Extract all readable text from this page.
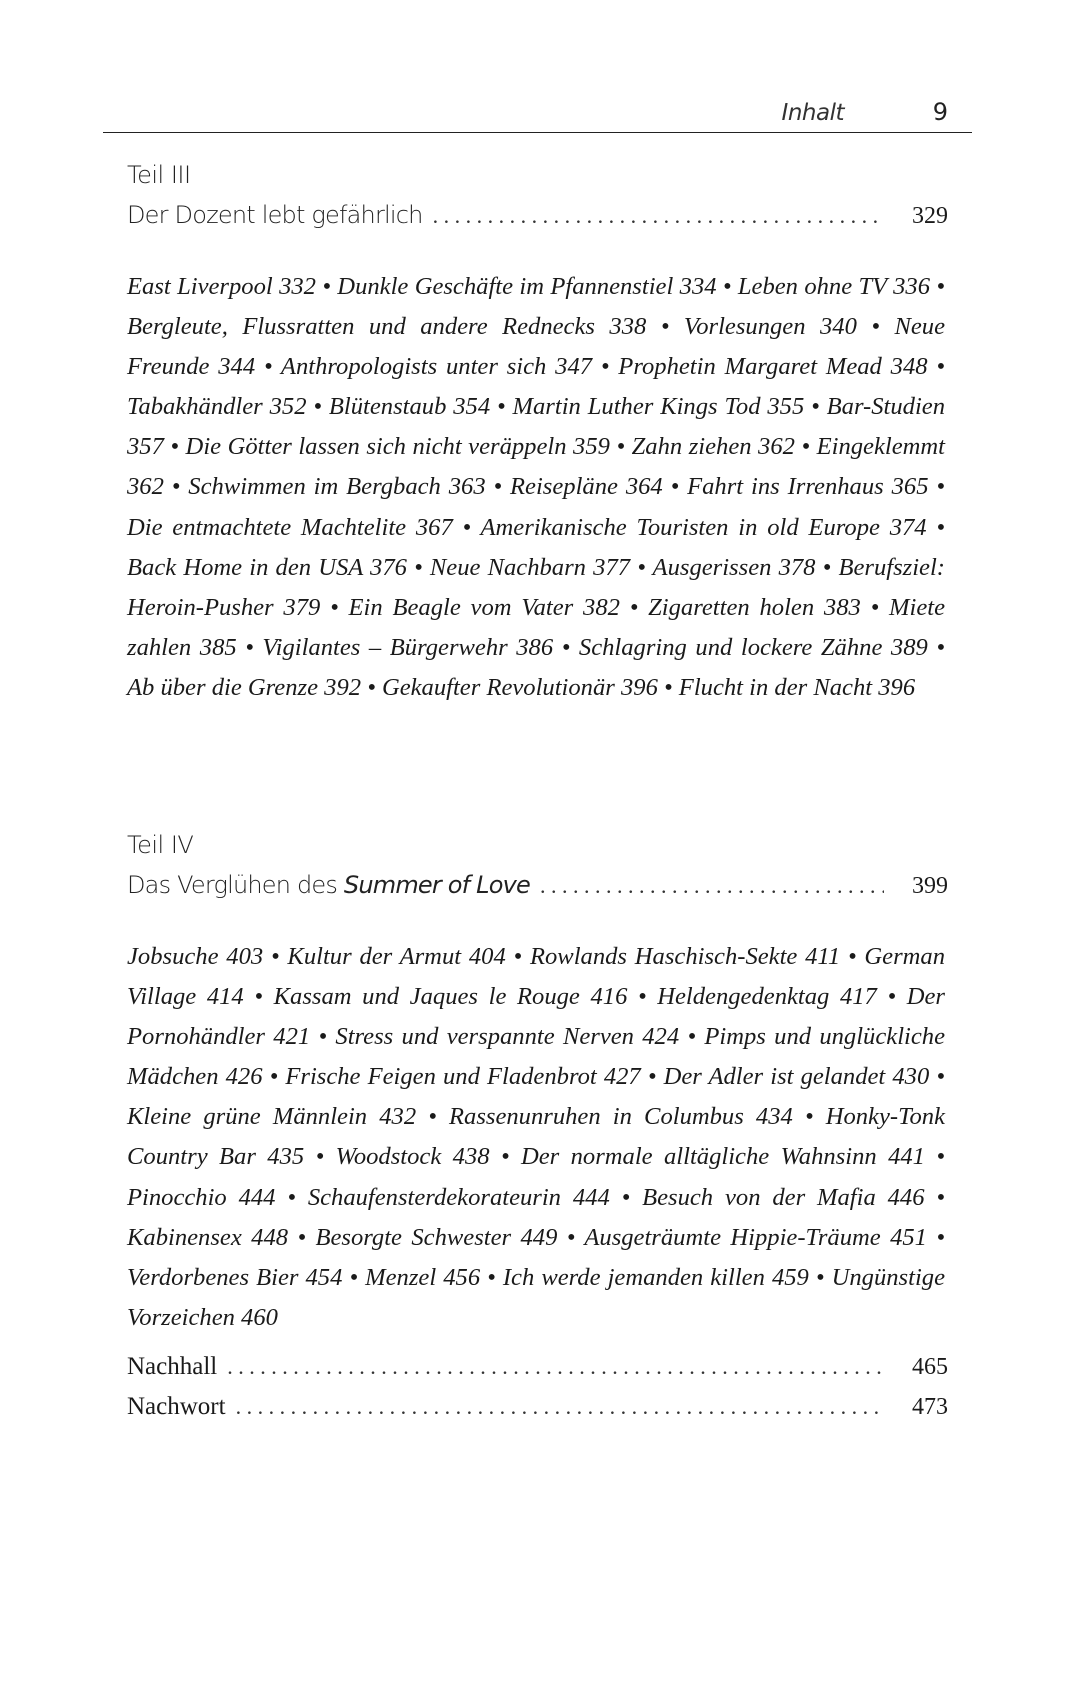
Inhalt	9
Teil III
Der Dozent lebt gefährlich . . .	329
East Liverpool 332 • Dunkle Geschäfte im Pfannenstiel 334 • Leben ohne TV 336 • Bergleute, Flussratten und andere Rednecks 338 • Vorlesungen 340 • Neue Freunde 344 • Anthropologists unter sich 347 • Prophetin Margaret Mead 348 • Tabakhändler 352 • Blütenstaub 354 • Martin Luther Kings Tod 355 • Bar-Studien 357 • Die Götter lassen sich nicht veräppeln 359 • Zahn ziehen 362 • Eingeklemmt 362 • Schwimmen im Bergbach 363 • Reisepläne 364 • Fahrt ins Irrenhaus 365 • Die entmachtete Machtelite 367 • Amerikanische Touristen in old Europe 374 • Back Home in den USA 376 • Neue Nachbarn 377 • Ausgerissen 378 • Berufsziel: Heroin-Pusher 379 • Ein Beagle vom Vater 382 • Zigaretten holen 383 • Miete zahlen 385 • Vigilantes – Bürgerwehr 386 • Schlagring und lockere Zähne 389 • Ab über die Grenze 392 • Gekaufter Revolutionär 396 • Flucht in der Nacht 396
Teil IV
Das Verglühen des Summer of Love . . .	399
Jobsuche 403 • Kultur der Armut 404 • Rowlands Haschisch-Sekte 411 • German Village 414 • Kassam und Jaques le Rouge 416 • Heldengedenktag 417 • Der Pornohändler 421 • Stress und verspannte Nerven 424 • Pimps und unglückliche Mädchen 426 • Frische Feigen und Fladenbrot 427 • Der Adler ist gelandet 430 • Kleine grüne Männlein 432 • Rassenunruhen in Columbus 434 • Honky-Tonk Country Bar 435 • Woodstock 438 • Der normale alltägliche Wahnsinn 441 • Pinocchio 444 • Schaufensterdekorateurin 444 • Besuch von der Mafia 446 • Kabinensex 448 • Besorgte Schwester 449 • Ausgeträumte Hippie-Träume 451 • Verdorbenes Bier 454 • Menzel 456 • Ich werde jemanden killen 459 • Ungünstige Vorzeichen 460
Nachhall . . .	465
Nachwort . . .	473
